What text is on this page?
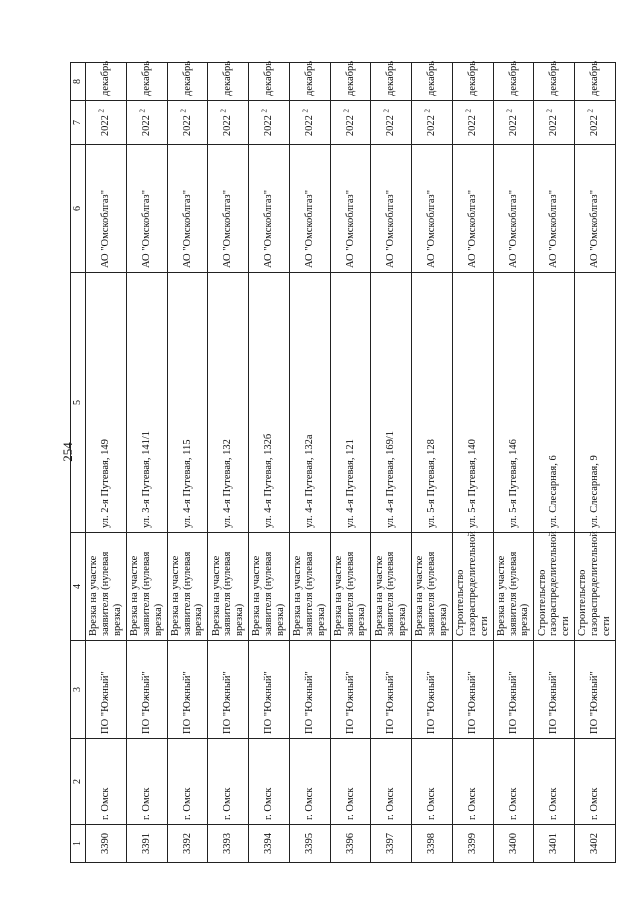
254
1	2	3	4	5	6	7	8
3390	г. Омск	ПО "Южный"	Врезка на участке заявителя (нулевая врезка)	ул. 2-я Путевая, 149	АО "Омскоблгаз"	2022 $^2$	декабрь
3391	г. Омск	ПО "Южный"	Врезка на участке заявителя (нулевая врезка)	ул. 3-я Путевая, 141/1	АО "Омскоблгаз"	2022 $^2$	декабрь
3392	г. Омск	ПО "Южный"	Врезка на участке заявителя (нулевая врезка)	ул. 4-я Путевая, 115	АО "Омскоблгаз"	2022 $^2$	декабрь
3393	г. Омск	ПО "Южный"	Врезка на участке заявителя (нулевая врезка)	ул. 4-я Путевая, 132	АО "Омскоблгаз"	2022 $^2$	декабрь
3394	г. Омск	ПО "Южный"	Врезка на участке заявителя (нулевая врезка)	ул. 4-я Путевая, 132б	АО "Омскоблгаз"	2022 $^2$	декабрь
3395	г. Омск	ПО "Южный"	Врезка на участке заявителя (нулевая врезка)	ул. 4-я Путевая, 132а	АО "Омскоблгаз"	2022 $^2$	декабрь
3396	г. Омск	ПО "Южный"	Врезка на участке заявителя (нулевая врезка)	ул. 4-я Путевая, 121	АО "Омскоблгаз"	2022 $^2$	декабрь
3397	г. Омск	ПО "Южный"	Врезка на участке заявителя (нулевая врезка)	ул. 4-я Путевая, 169/1	АО "Омскоблгаз"	2022 $^2$	декабрь
3398	г. Омск	ПО "Южный"	Врезка на участке заявителя (нулевая врезка)	ул. 5-я Путевая, 128	АО "Омскоблгаз"	2022 $^2$	декабрь
3399	г. Омск	ПО "Южный"	Строительство газораспределительной сети	ул. 5-я Путевая, 140	АО "Омскоблгаз"	2022 $^2$	декабрь
3400	г. Омск	ПО "Южный"	Врезка на участке заявителя (нулевая врезка)	ул. 5-я Путевая, 146	АО "Омскоблгаз"	2022 $^2$	декабрь
3401	г. Омск	ПО "Южный"	Строительство газораспределительной сети	ул. Слесарная, 6	АО "Омскоблгаз"	2022 $^2$	декабрь
3402	г. Омск	ПО "Южный"	Строительство газораспределительной сети	ул. Слесарная, 9	АО "Омскоблгаз"	2022 $^2$	декабрь
